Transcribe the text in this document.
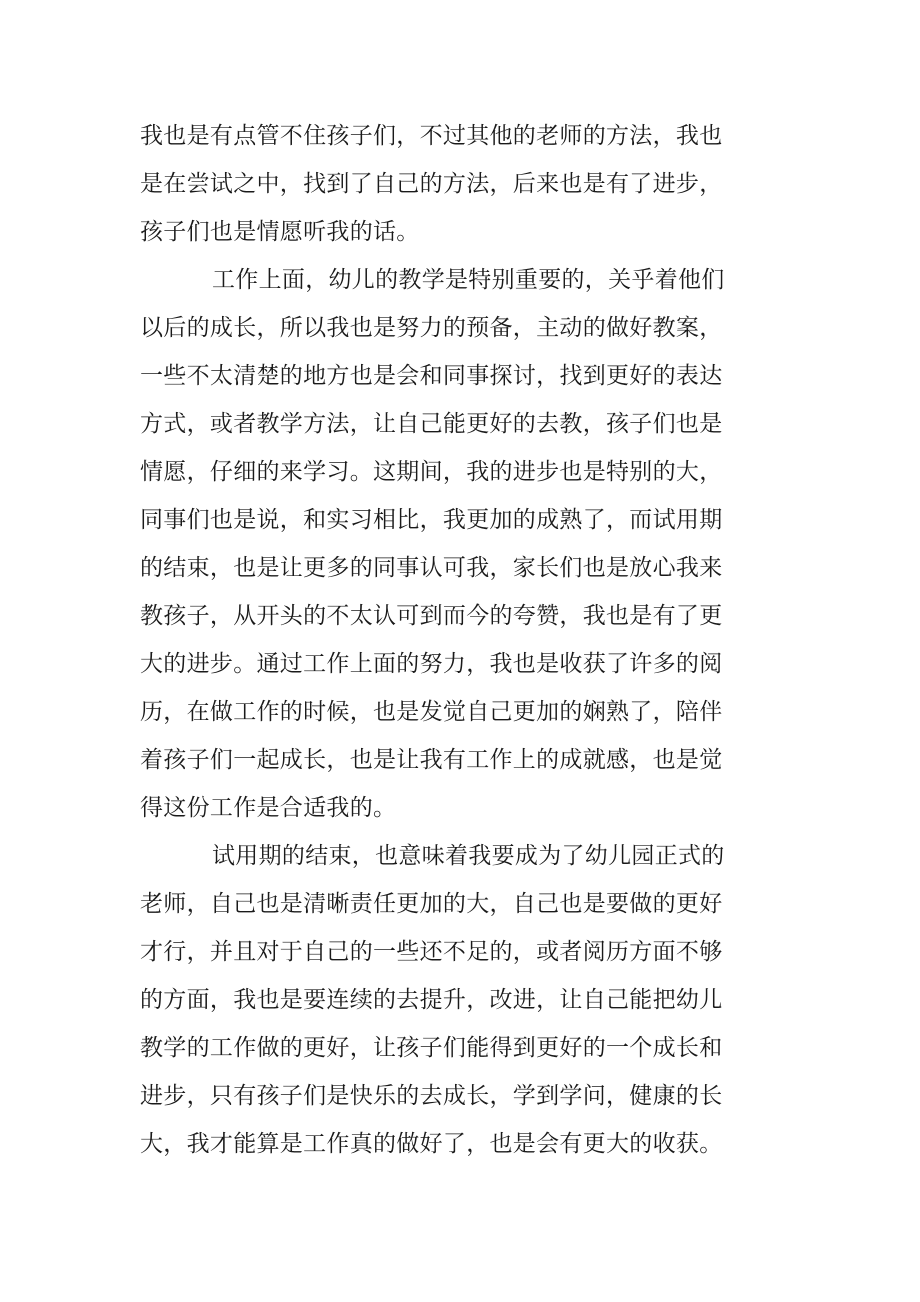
我也是有点管不住孩子们，不过其他的老师的方法，我也
是在尝试之中，找到了自己的方法，后来也是有了进步，
孩子们也是情愿听我的话。
工作上面，幼儿的教学是特别重要的，关乎着他们
以后的成长，所以我也是努力的预备，主动的做好教案，
一些不太清楚的地方也是会和同事探讨，找到更好的表达
方式，或者教学方法，让自己能更好的去教，孩子们也是
情愿，仔细的来学习。这期间，我的进步也是特别的大，
同事们也是说，和实习相比，我更加的成熟了，而试用期
的结束，也是让更多的同事认可我，家长们也是放心我来
教孩子，从开头的不太认可到而今的夸赞，我也是有了更
大的进步。通过工作上面的努力，我也是收获了许多的阅
历，在做工作的时候，也是发觉自己更加的娴熟了，陪伴
着孩子们一起成长，也是让我有工作上的成就感，也是觉
得这份工作是合适我的。
试用期的结束，也意味着我要成为了幼儿园正式的
老师，自己也是清晰责任更加的大，自己也是要做的更好
才行，并且对于自己的一些还不足的，或者阅历方面不够
的方面，我也是要连续的去提升，改进，让自己能把幼儿
教学的工作做的更好，让孩子们能得到更好的一个成长和
进步，只有孩子们是快乐的去成长，学到学问，健康的长
大，我才能算是工作真的做好了，也是会有更大的收获。
